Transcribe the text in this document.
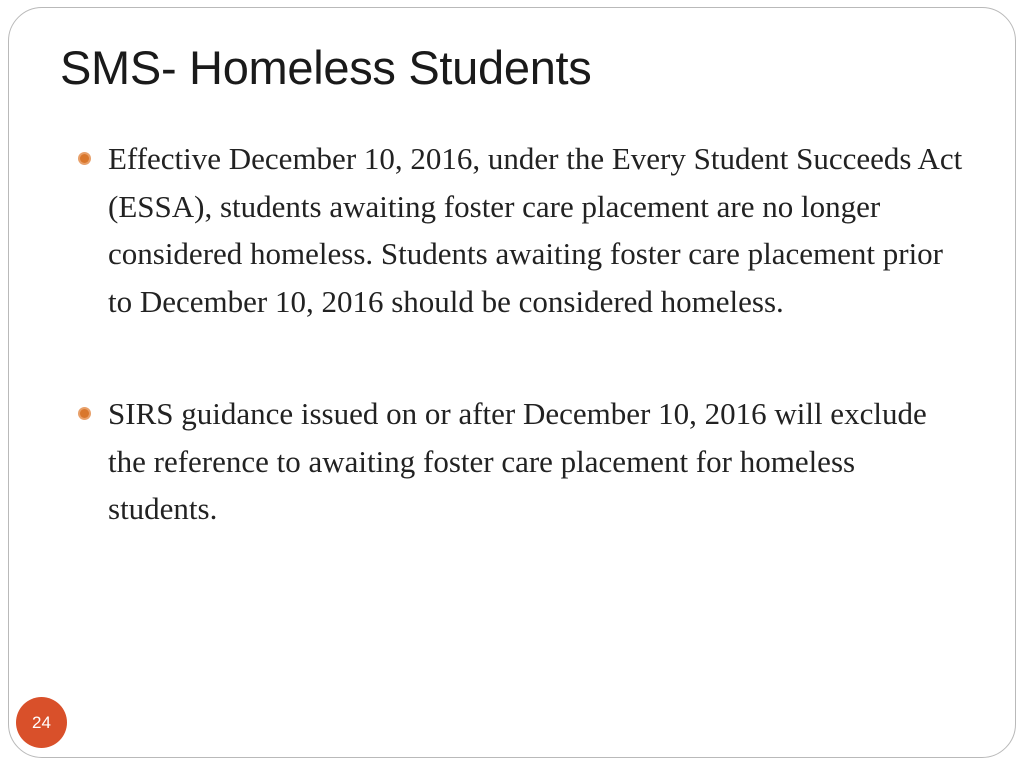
SMS- Homeless Students
Effective December 10, 2016, under the Every Student Succeeds Act (ESSA), students awaiting foster care placement are no longer considered homeless. Students awaiting foster care placement prior to December 10, 2016 should be considered homeless.
SIRS guidance issued on or after December 10, 2016 will exclude the reference to awaiting foster care placement for homeless students.
24
